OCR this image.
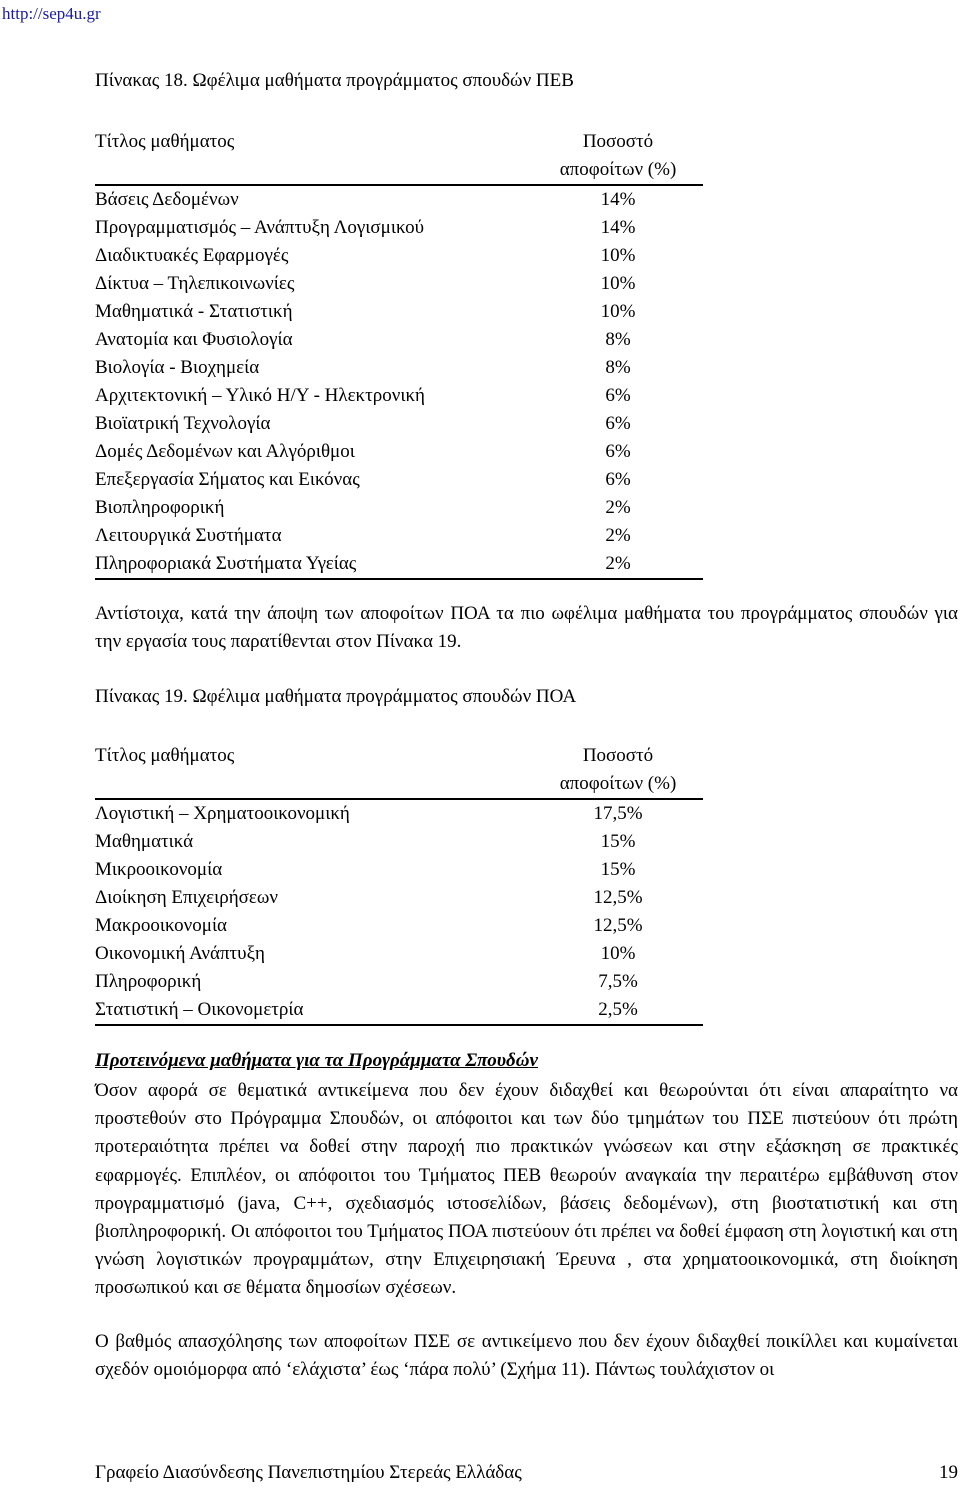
http://sep4u.gr
Πίνακας 18. Ωφέλιμα μαθήματα προγράμματος σπουδών ΠΕΒ
Τίτλος μαθήματος	Ποσοστό
αποφοίτων (%)

Βάσεις Δεδομένων	14%
Προγραμματισμός – Ανάπτυξη Λογισμικού	14%
Διαδικτυακές Εφαρμογές	10%
Δίκτυα – Τηλεπικοινωνίες	10%
Μαθηματικά - Στατιστική	10%
Ανατομία και Φυσιολογία	8%
Βιολογία - Βιοχημεία	8%
Αρχιτεκτονική – Υλικό Η/Υ - Ηλεκτρονική	6%
Βιοϊατρική Τεχνολογία	6%
Δομές Δεδομένων και Αλγόριθμοι	6%
Επεξεργασία Σήματος και Εικόνας	6%
Βιοπληροφορική	2%
Λειτουργικά Συστήματα	2%
Πληροφοριακά Συστήματα Υγείας	2%

Αντίστοιχα, κατά την άποψη των αποφοίτων ΠΟΑ τα πιο ωφέλιμα μαθήματα του προγράμματος σπουδών για την εργασία τους παρατίθενται στον Πίνακα 19.

Πίνακας 19. Ωφέλιμα μαθήματα προγράμματος σπουδών ΠΟΑ
Τίτλος μαθήματος	Ποσοστό
αποφοίτων (%)

Λογιστική – Χρηματοοικονομική	17,5%
Μαθηματικά	15%
Μικροοικονομία	15%
Διοίκηση Επιχειρήσεων	12,5%
Μακροοικονομία	12,5%
Οικονομική Ανάπτυξη	10%
Πληροφορική	7,5%
Στατιστική – Οικονομετρία	2,5%
Προτεινόμενα μαθήματα για τα Προγράμματα Σπουδών

Όσον αφορά σε θεματικά αντικείμενα που δεν έχουν διδαχθεί και θεωρούνται ότι είναι απαραίτητο να προστεθούν στο Πρόγραμμα Σπουδών, οι απόφοιτοι και των δύο τμημάτων του ΠΣΕ πιστεύουν ότι πρώτη προτεραιότητα πρέπει να δοθεί στην παροχή πιο πρακτικών γνώσεων και στην εξάσκηση σε πρακτικές εφαρμογές. Επιπλέον, οι απόφοιτοι του Τμήματος ΠΕΒ θεωρούν αναγκαία την περαιτέρω εμβάθυνση στον προγραμματισμό (java, C++, σχεδιασμός ιστοσελίδων, βάσεις δεδομένων), στη βιοστατιστική και στη βιοπληροφορική. Οι απόφοιτοι του Τμήματος ΠΟΑ πιστεύουν ότι πρέπει να δοθεί έμφαση στη λογιστική και στη γνώση λογιστικών προγραμμάτων, στην Επιχειρησιακή Έρευνα , στα χρηματοοικονομικά, στη διοίκηση προσωπικού και σε θέματα δημοσίων σχέσεων.

Ο βαθμός απασχόλησης των αποφοίτων ΠΣΕ σε αντικείμενο που δεν έχουν διδαχθεί ποικίλλει και κυμαίνεται σχεδόν ομοιόμορφα από ‘ελάχιστα’ έως ‘πάρα πολύ’ (Σχήμα 11). Πάντως τουλάχιστον οι

Γραφείο Διασύνδεσης Πανεπιστημίου Στερεάς Ελλάδας	19
